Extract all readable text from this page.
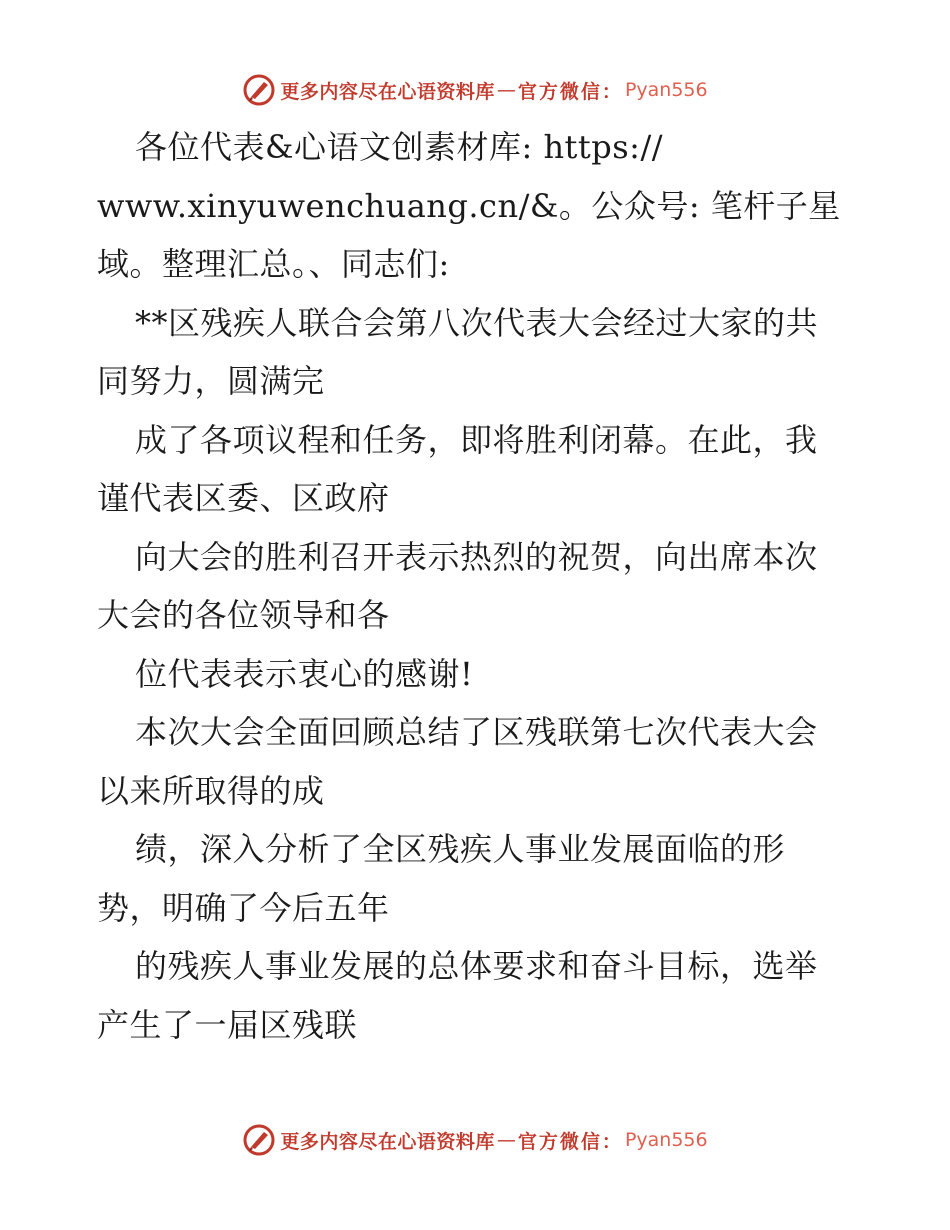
更多内容尽在心语资料库 — 官方微信： Pyan556

各位代表&心语文创素材库: https://

www.xinyuwenchuang.cn/&。公众号: 笔杆子星

域。整理汇总。、同志们:

**区残疾人联合会第八次代表大会经过大家的共

同努力，圆满完

成了各项议程和任务，即将胜利闭幕。在此，我

谨代表区委、区政府

向大会的胜利召开表示热烈的祝贺，向出席本次

大会的各位领导和各

位代表表示衷心的感谢!

本次大会全面回顾总结了区残联第七次代表大会

以来所取得的成

绩，深入分析了全区残疾人事业发展面临的形

势，明确了今后五年

的残疾人事业发展的总体要求和奋斗目标，选举

产生了一届区残联

更多内容尽在心语资料库 — 官方微信： Pyan556
